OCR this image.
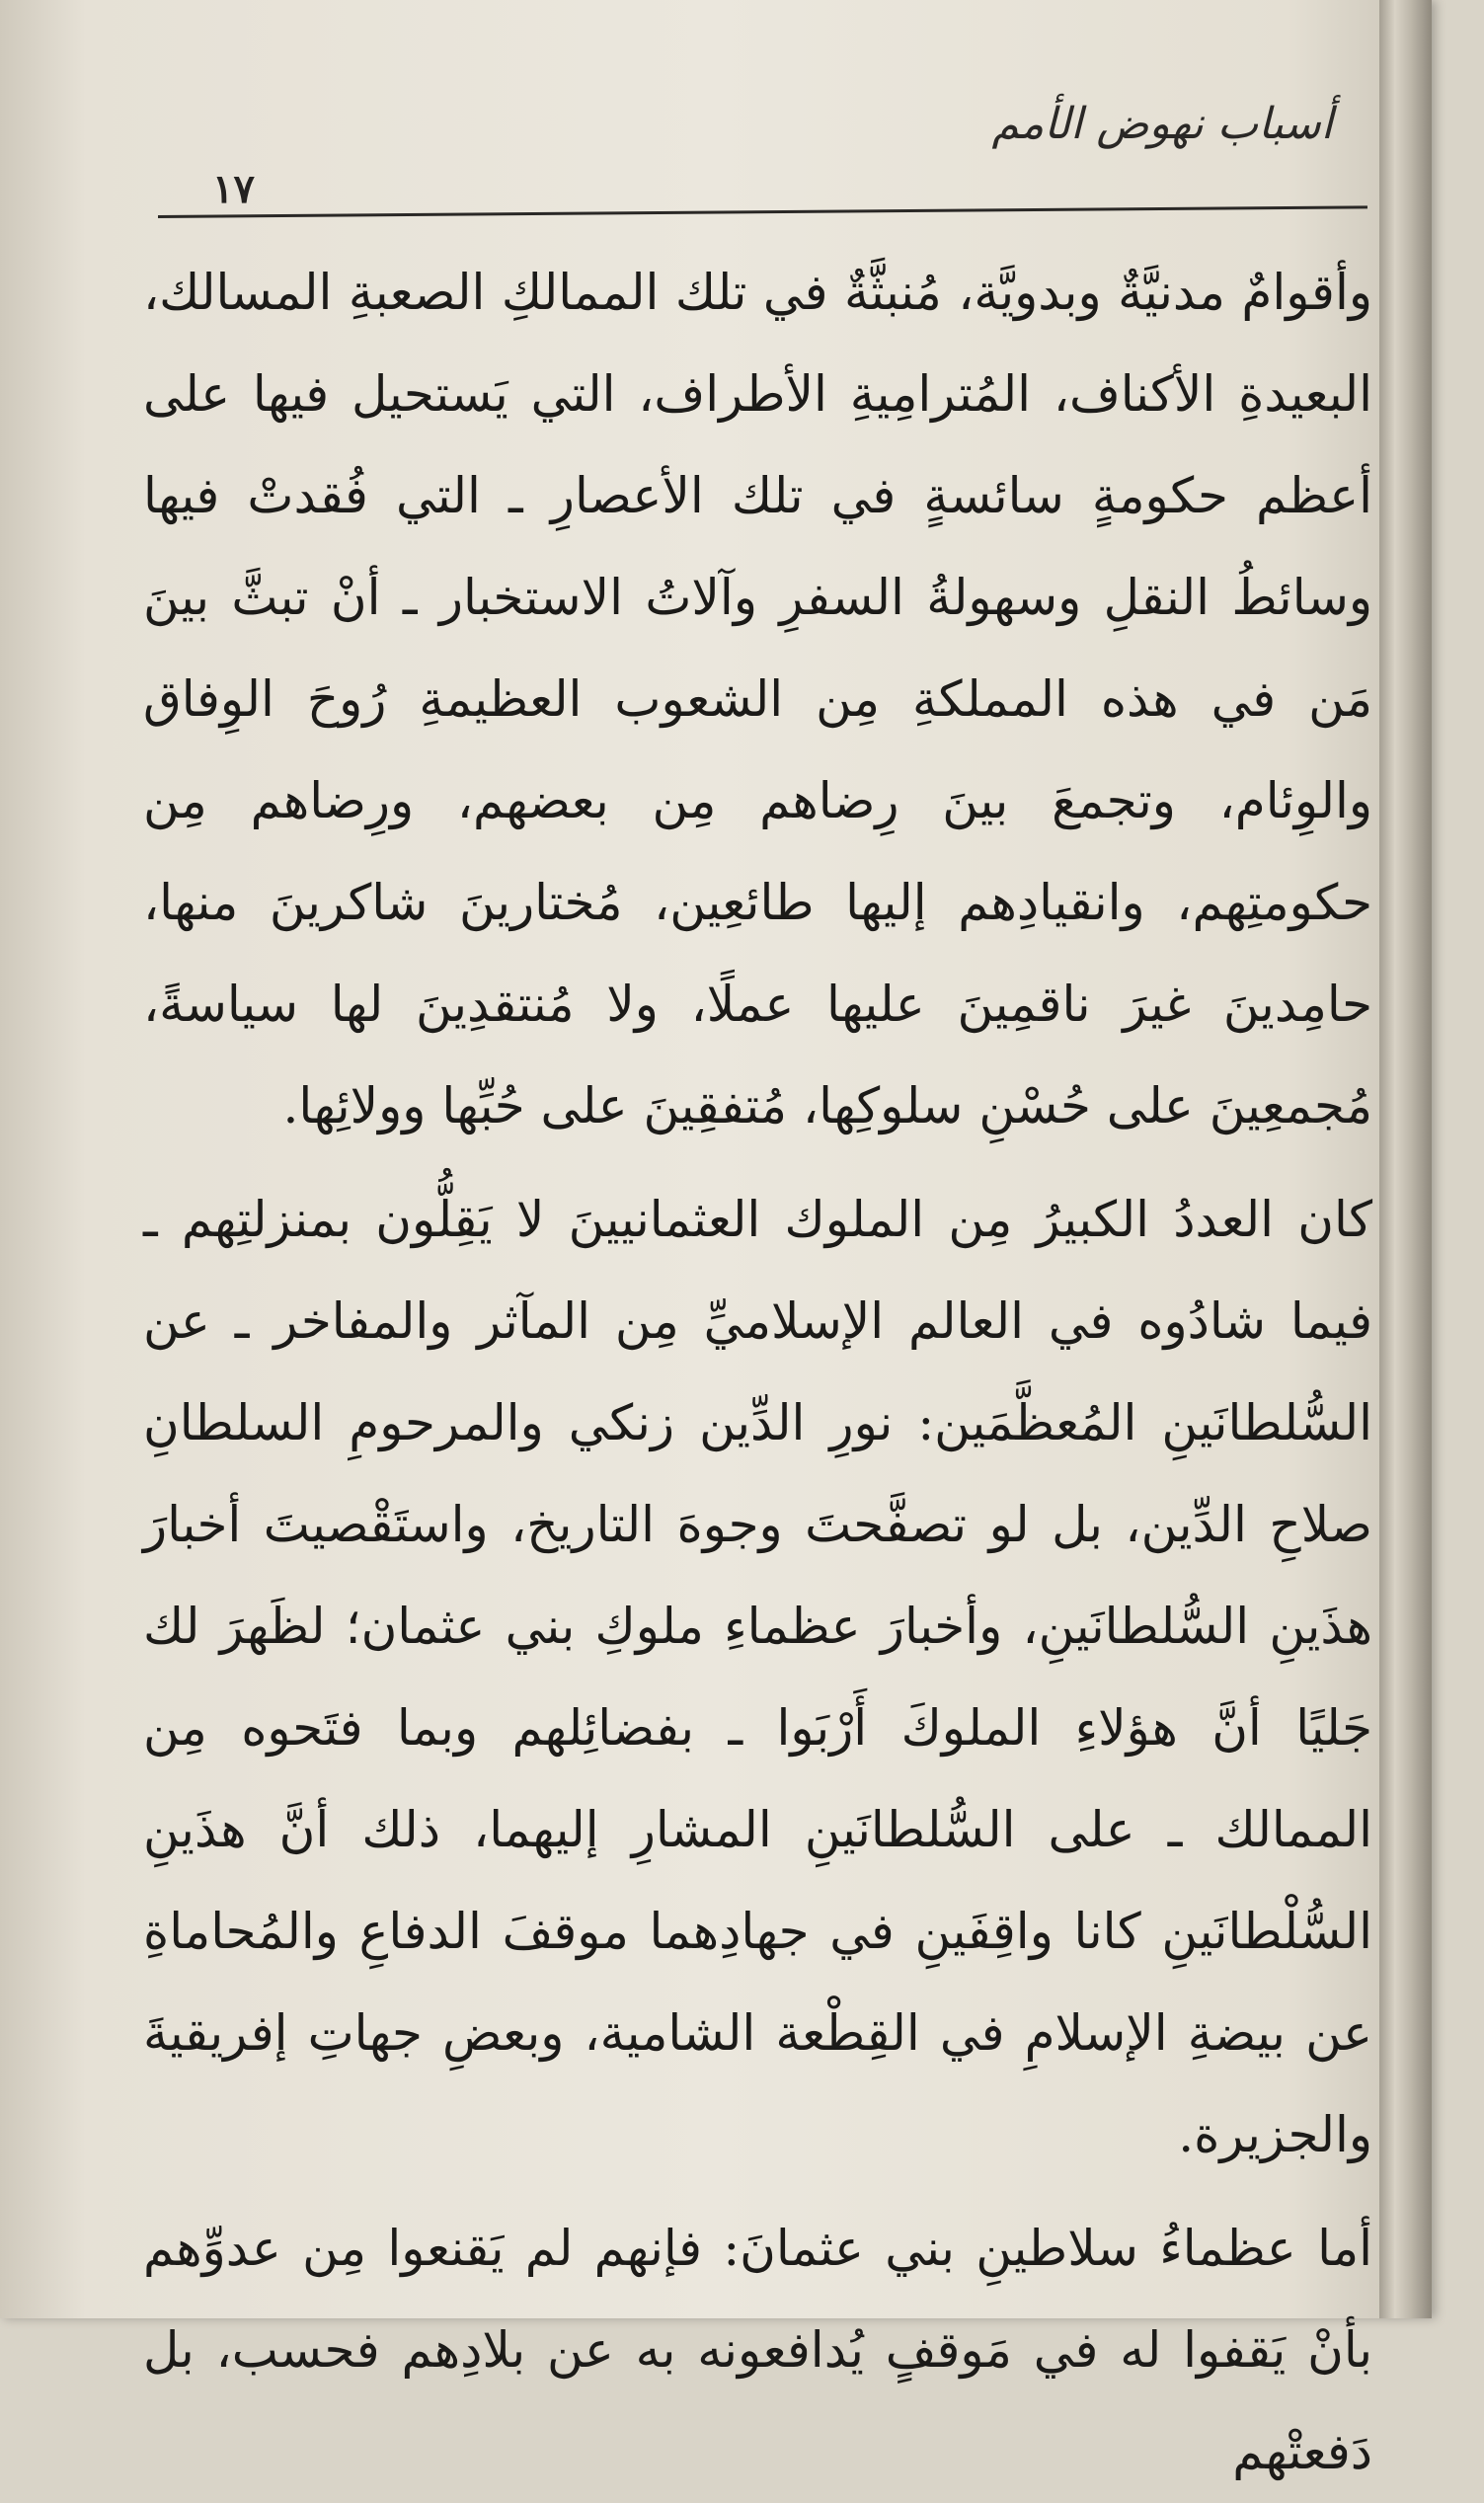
أسباب نهوض الأمم
١٧

وأقوامٌ مدنيَّةٌ وبدويَّة، مُنبثَّةٌ في تلك الممالكِ الصعبةِ المسالك، البعيدةِ الأكناف، المُترامِيةِ الأطراف، التي يَستحيل فيها على أعظم حكومةٍ سائسةٍ في تلك الأعصارِ ـ التي فُقدتْ فيها وسائطُ النقلِ وسهولةُ السفرِ وآلاتُ الاستخبار ـ أنْ تبثَّ بينَ مَن في هذه المملكةِ مِن الشعوب العظيمةِ رُوحَ الوِفاق والوِئام، وتجمعَ بينَ رِضاهم مِن بعضهم، ورِضاهم مِن حكومتِهم، وانقيادِهم إليها طائعِين، مُختارينَ شاكرينَ منها، حامِدينَ غيرَ ناقمِينَ عليها عملًا، ولا مُنتقدِينَ لها سياسةً، مُجمعِينَ على حُسْنِ سلوكِها، مُتفقِينَ على حُبِّها وولائِها.

كان العددُ الكبيرُ مِن الملوك العثمانيينَ لا يَقِلُّون بمنزلتِهم ـ فيما شادُوه في العالم الإسلاميِّ مِن المآثر والمفاخر ـ عن السُّلطانَينِ المُعظَّمَين: نورِ الدِّين زنكي والمرحومِ السلطانِ صلاحِ الدِّين، بل لو تصفَّحتَ وجوهَ التاريخ، واستَقْصيتَ أخبارَ هذَينِ السُّلطانَينِ، وأخبارَ عظماءِ ملوكِ بني عثمان؛ لظَهرَ لك جَليًا أنَّ هؤلاءِ الملوكَ أَرْبَوا ـ بفضائِلهم وبما فتَحوه مِن الممالك ـ على السُّلطانَينِ المشارِ إليهما، ذلك أنَّ هذَينِ السُّلْطانَينِ كانا واقِفَينِ في جهادِهما موقفَ الدفاعِ والمُحاماةِ عن بيضةِ الإسلامِ في القِطْعة الشامية، وبعضِ جهاتِ إفريقيةَ والجزيرة.

أما عظماءُ سلاطينِ بني عثمانَ: فإنهم لم يَقنعوا مِن عدوِّهم بأنْ يَقفوا له في مَوقفٍ يُدافعونه به عن بلادِهم فحسب، بل دَفعتْهم
